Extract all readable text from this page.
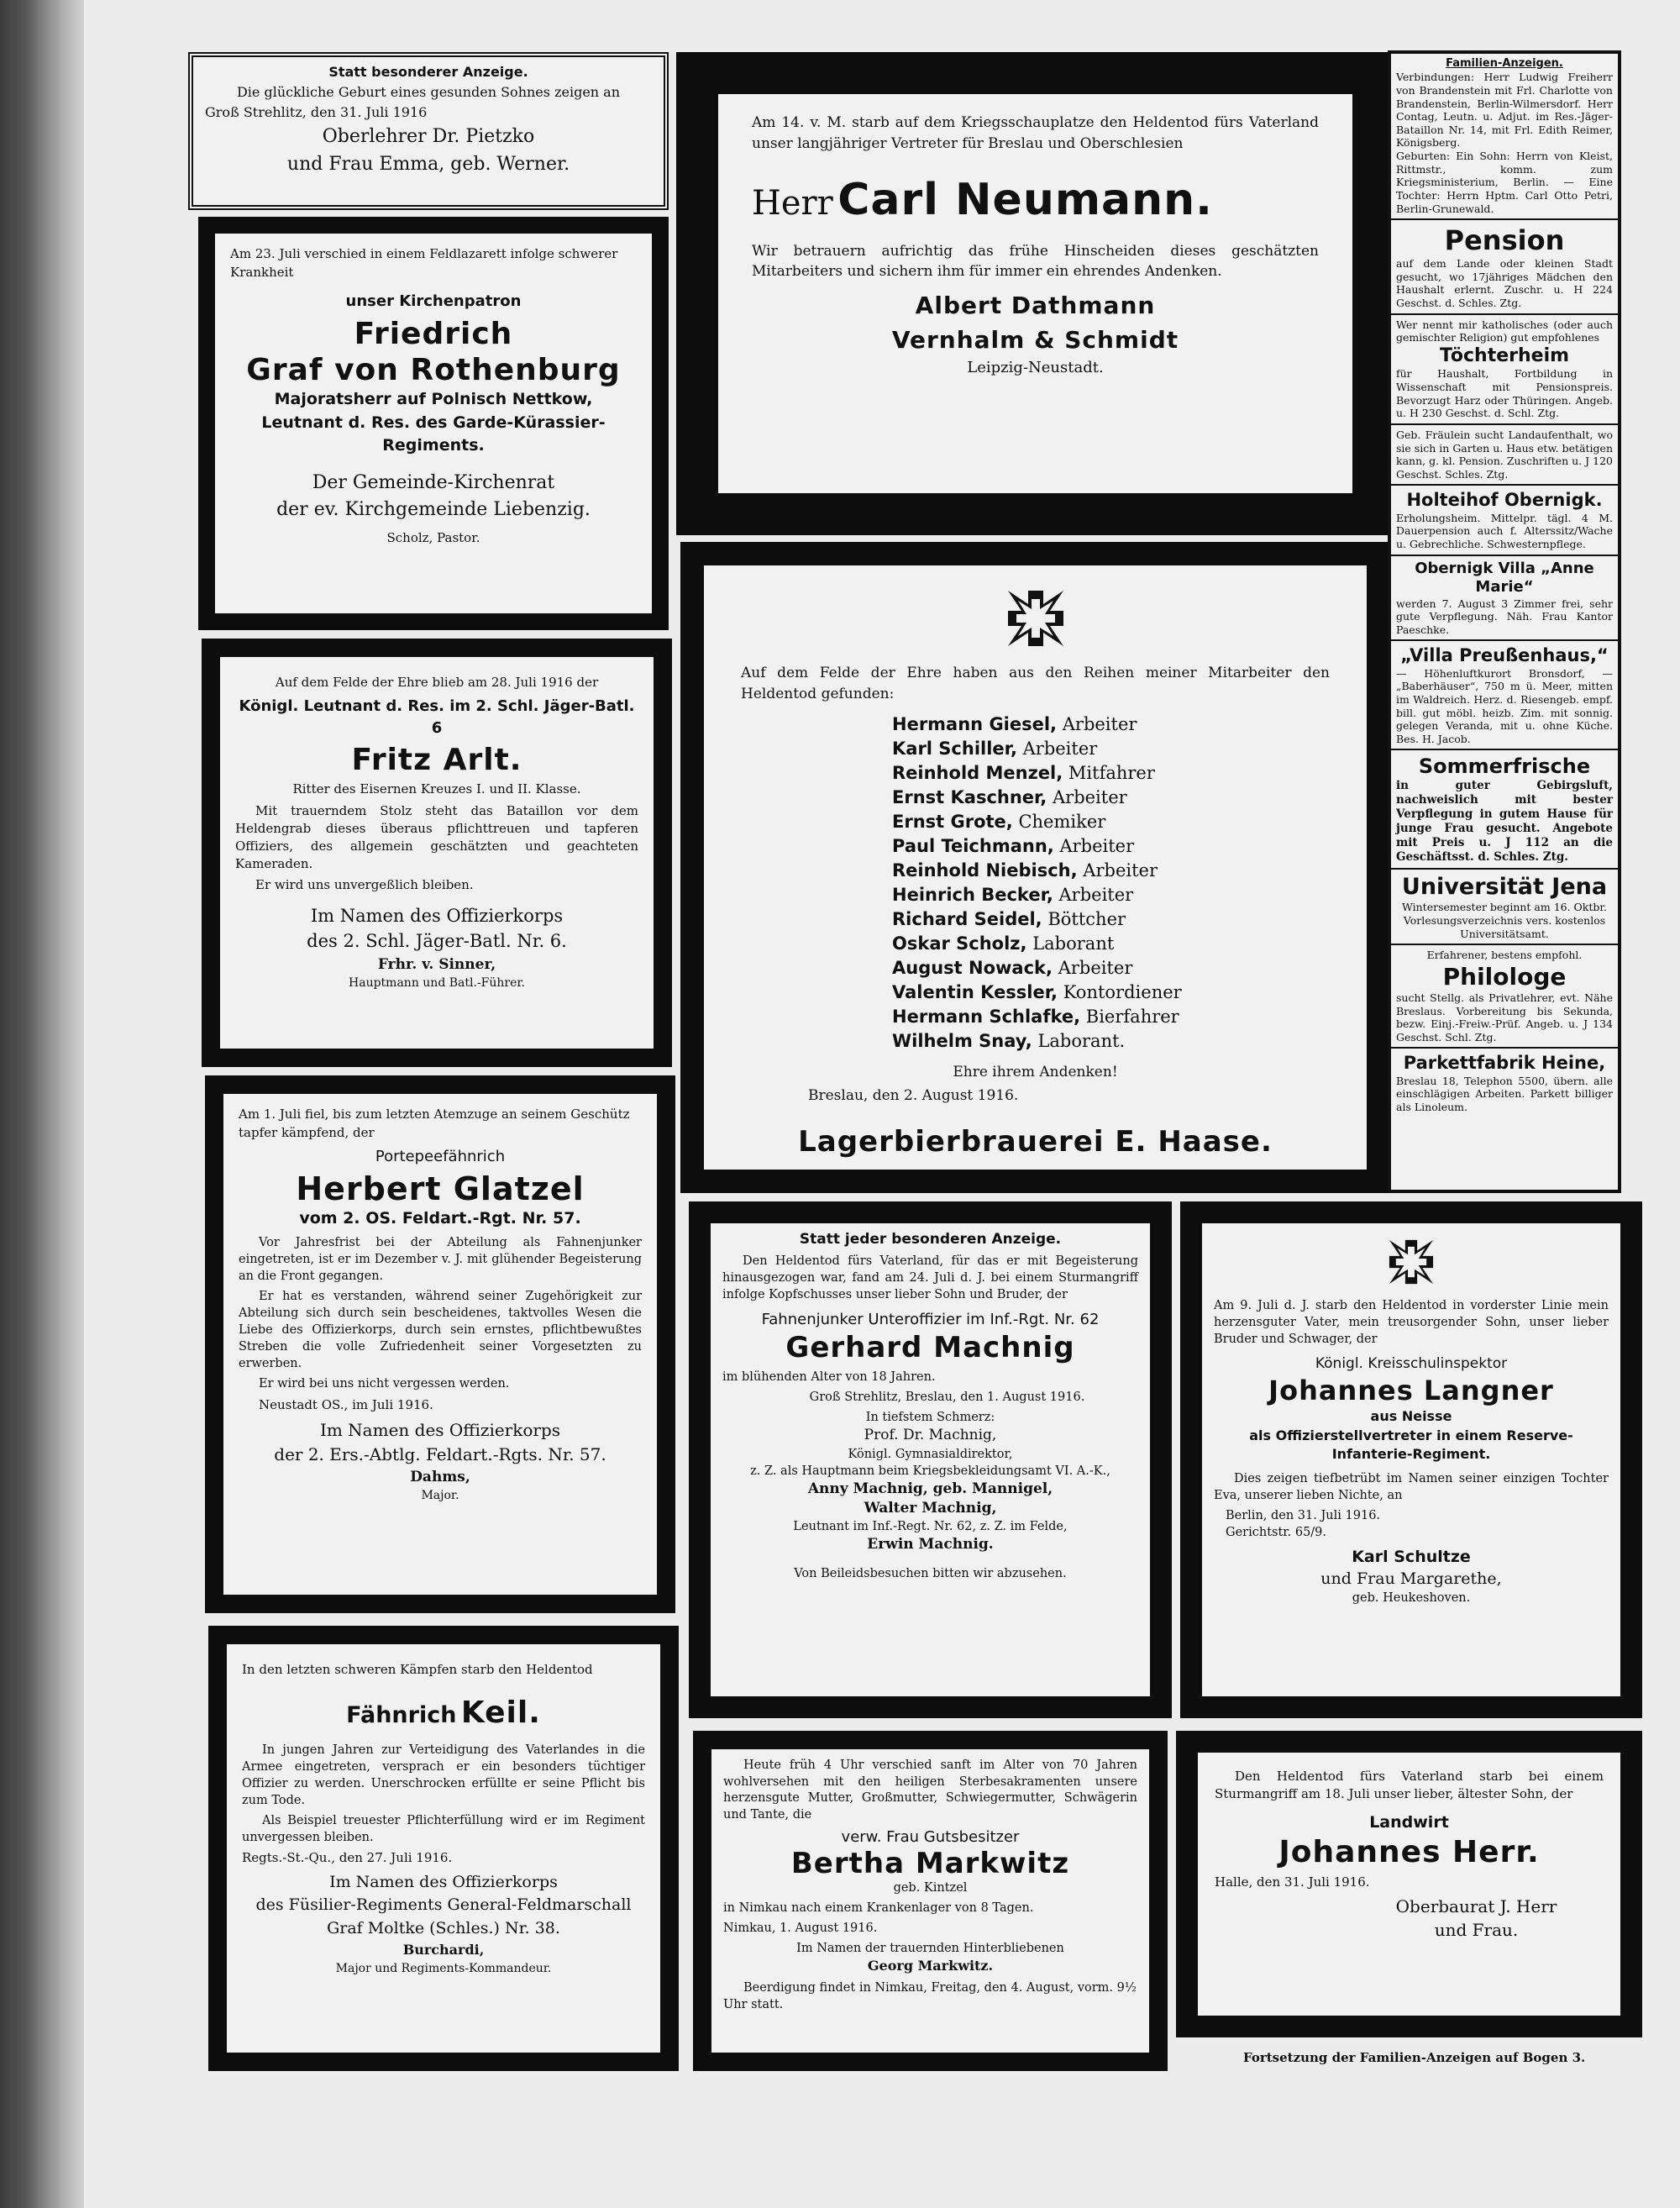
Statt besonderer Anzeige.
Die glückliche Geburt eines gesunden Sohnes zeigen an
Groß Strehlitz, den 31. Juli 1916
Oberlehrer Dr. Pietzko
und Frau Emma, geb. Werner.

Am 23. Juli verschied in einem Feldlazarett infolge schwerer Krankheit

unser Kirchenpatron

Friedrich
Graf von Rothenburg
Majoratsherr auf Polnisch Nettkow,
Leutnant d. Res. des Garde-Kürassier-Regiments.
Der Gemeinde-Kirchenrat
der ev. Kirchgemeinde Liebenzig.
Scholz, Pastor.

Auf dem Felde der Ehre blieb am 28. Juli 1916 der

Königl. Leutnant d. Res. im 2. Schl. Jäger-Batl. 6

Fritz Arlt.

Ritter des Eisernen Kreuzes I. und II. Klasse.

Mit trauerndem Stolz steht das Bataillon vor dem Heldengrab dieses überaus pflichttreuen und tapferen Offiziers, des allgemein geschätzten und geachteten Kameraden.

Er wird uns unvergeßlich bleiben.

Im Namen des Offizierkorps
des 2. Schl. Jäger-Batl. Nr. 6.
Frhr. v. Sinner,
Hauptmann und Batl.-Führer.

Am 1. Juli fiel, bis zum letzten Atemzuge an seinem Geschütz tapfer kämpfend, der

Portepeefähnrich

Herbert Glatzel
vom 2. OS. Feldart.-Rgt. Nr. 57.

Vor Jahresfrist bei der Abteilung als Fahnenjunker eingetreten, ist er im Dezember v. J. mit glühender Begeisterung an die Front gegangen.

Er hat es verstanden, während seiner Zugehörigkeit zur Abteilung sich durch sein bescheidenes, taktvolles Wesen die Liebe des Offizierkorps, durch sein ernstes, pflichtbewußtes Streben die volle Zufriedenheit seiner Vorgesetzten zu erwerben.

Er wird bei uns nicht vergessen werden.

Neustadt OS., im Juli 1916.

Im Namen des Offizierkorps
der 2. Ers.-Abtlg. Feldart.-Rgts. Nr. 57.
Dahms,
Major.

In den letzten schweren Kämpfen starb den Heldentod

Fähnrich Keil.

In jungen Jahren zur Verteidigung des Vaterlandes in die Armee eingetreten, versprach er ein besonders tüchtiger Offizier zu werden. Unerschrocken erfüllte er seine Pflicht bis zum Tode.

Als Beispiel treuester Pflichterfüllung wird er im Regiment unvergessen bleiben.

Regts.-St.-Qu., den 27. Juli 1916.

Im Namen des Offizierkorps
des Füsilier-Regiments General-Feldmarschall
Graf Moltke (Schles.) Nr. 38.
Burchardi,
Major und Regiments-Kommandeur.

Am 14. v. M. starb auf dem Kriegsschauplatze den Heldentod fürs Vaterland unser langjähriger Vertreter für Breslau und Oberschlesien

Herr Carl Neumann.

Wir betrauern aufrichtig das frühe Hinscheiden dieses geschätzten Mitarbeiters und sichern ihm für immer ein ehrendes Andenken.

Albert Dathmann
Vernhalm & Schmidt
Leipzig-Neustadt.

Auf dem Felde der Ehre haben aus den Reihen meiner Mitarbeiter den Heldentod gefunden:

Hermann Giesel, Arbeiter
Karl Schiller, Arbeiter
Reinhold Menzel, Mitfahrer
Ernst Kaschner, Arbeiter
Ernst Grote, Chemiker
Paul Teichmann, Arbeiter
Reinhold Niebisch, Arbeiter
Heinrich Becker, Arbeiter
Richard Seidel, Böttcher
Oskar Scholz, Laborant
August Nowack, Arbeiter
Valentin Kessler, Kontordiener
Hermann Schlafke, Bierfahrer
Wilhelm Snay, Laborant.

Ehre ihrem Andenken!

Breslau, den 2. August 1916.

Lagerbierbrauerei E. Haase.
Statt jeder besonderen Anzeige.

Den Heldentod fürs Vaterland, für das er mit Begeisterung hinausgezogen war, fand am 24. Juli d. J. bei einem Sturmangriff infolge Kopfschusses unser lieber Sohn und Bruder, der

Fahnenjunker Unteroffizier im Inf.-Rgt. Nr. 62
Gerhard Machnig

im blühenden Alter von 18 Jahren.

Groß Strehlitz, Breslau, den 1. August 1916.

In tiefstem Schmerz:
Prof. Dr. Machnig,
Königl. Gymnasialdirektor,
z. Z. als Hauptmann beim Kriegsbekleidungsamt VI. A.-K.,
Anny Machnig, geb. Mannigel,
Walter Machnig,
Leutnant im Inf.-Regt. Nr. 62, z. Z. im Felde,
Erwin Machnig.

Von Beileidsbesuchen bitten wir abzusehen.

Am 9. Juli d. J. starb den Heldentod in vorderster Linie mein herzensguter Vater, mein treusorgender Sohn, unser lieber Bruder und Schwager, der

Königl. Kreisschulinspektor
Johannes Langner
aus Neisse
als Offizierstellvertreter in einem Reserve-Infanterie-Regiment.

Dies zeigen tiefbetrübt im Namen seiner einzigen Tochter Eva, unserer lieben Nichte, an

Berlin, den 31. Juli 1916.
Gerichtstr. 65/9.
Karl Schultze
und Frau Margarethe,
geb. Heukeshoven.

Heute früh 4 Uhr verschied sanft im Alter von 70 Jahren wohlversehen mit den heiligen Sterbesakramenten unsere herzensgute Mutter, Großmutter, Schwiegermutter, Schwägerin und Tante, die

verw. Frau Gutsbesitzer
Bertha Markwitz
geb. Kintzel

in Nimkau nach einem Krankenlager von 8 Tagen.

Nimkau, 1. August 1916.

Im Namen der trauernden Hinterbliebenen
Georg Markwitz.

Beerdigung findet in Nimkau, Freitag, den 4. August, vorm. 9½ Uhr statt.

Den Heldentod fürs Vaterland starb bei einem Sturmangriff am 18. Juli unser lieber, ältester Sohn, der

Landwirt
Johannes Herr.

Halle, den 31. Juli 1916.

Oberbaurat J. Herr
und Frau.
Familien-Anzeigen.
Verbindungen: Herr Ludwig Freiherr von Brandenstein mit Frl. Charlotte von Brandenstein, Berlin-Wilmersdorf. Herr Contag, Leutn. u. Adjut. im Res.-Jäger-Bataillon Nr. 14, mit Frl. Edith Reimer, Königsberg.
Geburten: Ein Sohn: Herrn von Kleist, Rittmstr., komm. zum Kriegsministerium, Berlin. — Eine Tochter: Herrn Hptm. Carl Otto Petri, Berlin-Grunewald.
Pension
auf dem Lande oder kleinen Stadt gesucht, wo 17jähriges Mädchen den Haushalt erlernt. Zuschr. u. H 224 Geschst. d. Schles. Ztg.
Wer nennt mir katholisches (oder auch gemischter Religion) gut empfohlenes
Töchterheim
für Haushalt, Fortbildung in Wissenschaft mit Pensionspreis. Bevorzugt Harz oder Thüringen. Angeb. u. H 230 Geschst. d. Schl. Ztg.
Geb. Fräulein sucht Landaufenthalt, wo sie sich in Garten u. Haus etw. betätigen kann, g. kl. Pension. Zuschriften u. J 120 Geschst. Schles. Ztg.
Holteihof Obernigk.
Erholungsheim. Mittelpr. tägl. 4 M. Dauerpension auch f. Alterssitz/Wache u. Gebrechliche. Schwesternpflege.
Obernigk Villa „Anne Marie“
werden 7. August 3 Zimmer frei, sehr gute Verpflegung. Näh. Frau Kantor Paeschke.
„Villa Preußenhaus,“
— Höhenluftkurort Bronsdorf, — „Baberhäuser“, 750 m ü. Meer, mitten im Waldreich. Herz. d. Riesengeb. empf. bill. gut möbl. heizb. Zim. mit sonnig. gelegen Veranda, mit u. ohne Küche. Bes. H. Jacob.
Sommerfrische
in guter Gebirgsluft, nachweislich mit bester Verpflegung in gutem Hause für junge Frau gesucht. Angebote mit Preis u. J 112 an die Geschäftsst. d. Schles. Ztg.
Universität Jena
Wintersemester beginnt am 16. Oktbr. Vorlesungsverzeichnis vers. kostenlos Universitätsamt.
Erfahrener, bestens empfohl.
Philologe
sucht Stellg. als Privatlehrer, evt. Nähe Breslaus. Vorbereitung bis Sekunda, bezw. Einj.-Freiw.-Prüf. Angeb. u. J 134 Geschst. Schl. Ztg.
Parkettfabrik Heine,
Breslau 18, Telephon 5500, übern. alle einschlägigen Arbeiten. Parkett billiger als Linoleum.
Fortsetzung der Familien-Anzeigen auf Bogen 3.
